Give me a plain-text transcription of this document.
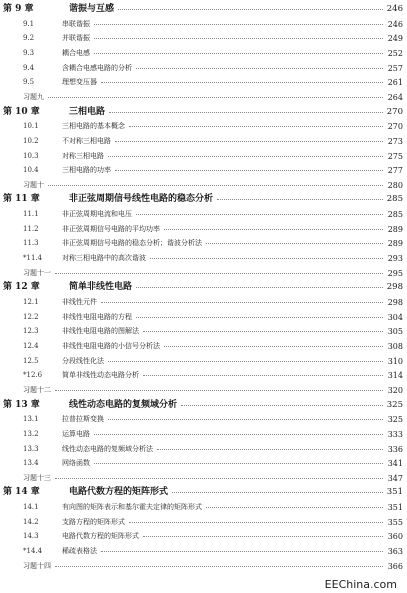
第 9 章	谐振与互感	246
9.1	串联谐振	246
9.2	并联谐振	249
9.3	耦合电感	252
9.4	含耦合电感电路的分析	257
9.5	理想变压器	261
习题九	264
第 10 章	三相电路	270
10.1	三相电路的基本概念	270
10.2	不对称三相电路	273
10.3	对称三相电路	275
10.4	三相电路的功率	277
习题十	280
第 11 章	非正弦周期信号线性电路的稳态分析	285
11.1	非正弦周期电流和电压	285
11.2	非正弦周期信号电路的平均功率	289
11.3	非正弦周期信号电路的稳态分析；谐波分析法	289
*11.4	对称三相电路中的高次谐波	293
习题十一	295
第 12 章	简单非线性电路	298
12.1	非线性元件	298
12.2	非线性电阻电路的方程	304
12.3	非线性电阻电路的图解法	305
12.4	非线性电阻电路的小信号分析法	308
12.5	分段线性化法	310
*12.6	简单非线性动态电路分析	314
习题十二	320
第 13 章	线性动态电路的复频域分析	325
13.1	拉普拉斯变换	325
13.2	运算电路	333
13.3	线性动态电路的复频域分析法	336
13.4	网络函数	341
习题十三	347
第 14 章	电路代数方程的矩阵形式	351
14.1	有向图的矩阵表示和基尔霍夫定律的矩阵形式	351
14.2	支路方程的矩阵形式	355
14.3	电路代数方程的矩阵形式	360
*14.4	稀疏表格法	363
习题十四	366
EEChina.com
